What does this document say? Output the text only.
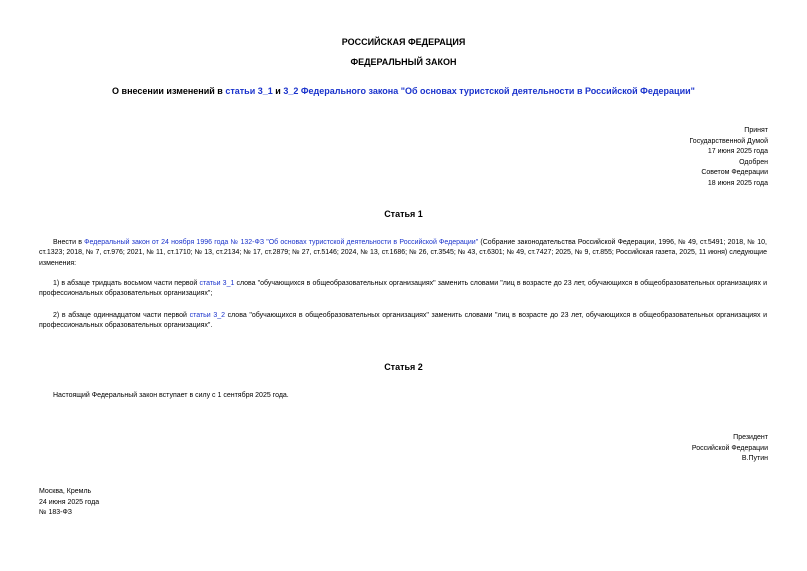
РОССИЙСКАЯ ФЕДЕРАЦИЯ
ФЕДЕРАЛЬНЫЙ ЗАКОН
О внесении изменений в статьи 3_1 и 3_2 Федерального закона "Об основах туристской деятельности в Российской Федерации"
Принят
Государственной Думой
17 июня 2025 года
Одобрен
Советом Федерации
18 июня 2025 года
Статья 1
Внести в Федеральный закон от 24 ноября 1996 года № 132-ФЗ "Об основах туристской деятельности в Российской Федерации" (Собрание законодательства Российской Федерации, 1996, № 49, ст.5491; 2018, № 10, ст.1323; 2018, № 7, ст.976; 2021, № 11, ст.1710; № 13, ст.2134; № 17, ст.2879; № 27, ст.5146; 2024, № 13, ст.1686; № 26, ст.3545; № 43, ст.6301; № 49, ст.7427; 2025, № 9, ст.855; Российская газета, 2025, 11 июня) следующие изменения:
1) в абзаце тридцать восьмом части первой статьи 3_1 слова "обучающихся в общеобразовательных организациях" заменить словами "лиц в возрасте до 23 лет, обучающихся в общеобразовательных организациях и профессиональных образовательных организациях";
2) в абзаце одиннадцатом части первой статьи 3_2 слова "обучающихся в общеобразовательных организациях" заменить словами "лиц в возрасте до 23 лет, обучающихся в общеобразовательных организациях и профессиональных образовательных организациях".
Статья 2
Настоящий Федеральный закон вступает в силу с 1 сентября 2025 года.
Президент
Российской Федерации
В.Путин
Москва, Кремль
24 июня 2025 года
№ 183-ФЗ
